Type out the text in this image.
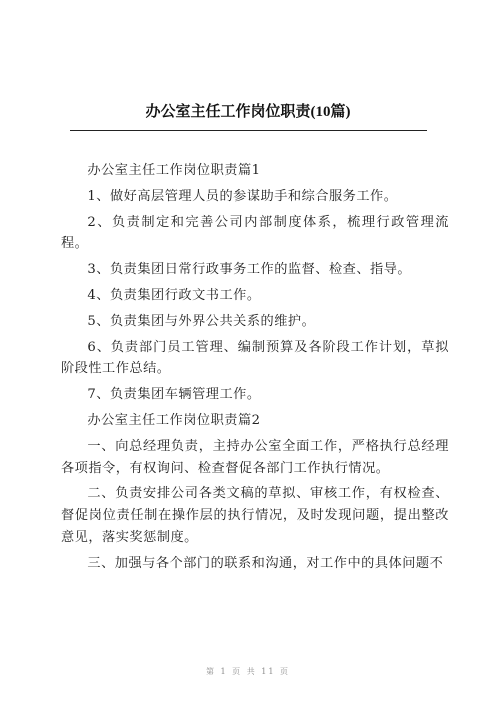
办公室主任工作岗位职责(10篇)

办公室主任工作岗位职责篇1

1、做好高层管理人员的参谋助手和综合服务工作。

2、负责制定和完善公司内部制度体系，梳理行政管理流程。

3、负责集团日常行政事务工作的监督、检查、指导。

4、负责集团行政文书工作。

5、负责集团与外界公共关系的维护。

6、负责部门员工管理、编制预算及各阶段工作计划，草拟阶段性工作总结。

7、负责集团车辆管理工作。

办公室主任工作岗位职责篇2

一、向总经理负责，主持办公室全面工作，严格执行总经理各项指令，有权询问、检查督促各部门工作执行情况。

二、负责安排公司各类文稿的草拟、审核工作，有权检查、督促岗位责任制在操作层的执行情况，及时发现问题，提出整改意见，落实奖惩制度。

三、加强与各个部门的联系和沟通，对工作中的具体问题不

第 1 页 共 11 页
